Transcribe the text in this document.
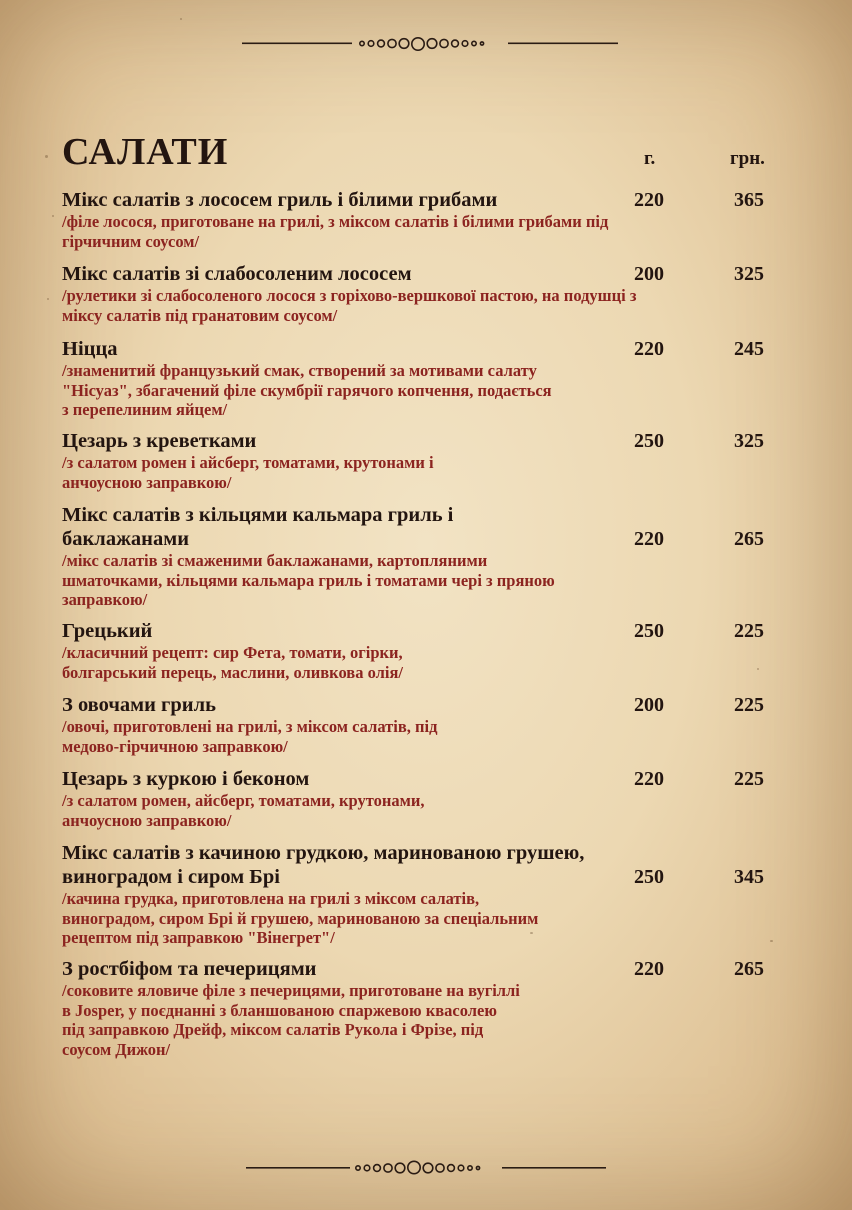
САЛАТИ	г.	грн.
Мікс салатів з лососем гриль і білими грибами
/філе лосося, приготоване на грилі, з міксом салатів і білими грибами під гірчичним соусом/
220	365
Мікс салатів зі слабосоленим лососем
/рулетики зі слабосоленого лосося з горіхово-вершкової пастою, на подушці з міксу салатів під гранатовим соусом/
200	325
Ніцца
/знаменитий французький смак, створений за мотивами салату "Нісуаз", збагачений філе скумбрії гарячого копчення, подається з перепелиним яйцем/
220	245
Цезарь з креветками
/з салатом ромен і айсберг, томатами, крутонами і анчоусною заправкою/
250	325
Мікс салатів з кільцями кальмара гриль і баклажанами
/мікс салатів зі смаженими баклажанами, картопляними шматочками, кільцями кальмара гриль і томатами чері з пряною заправкою/
220	265
Грецький
/класичний рецепт: сир Фета, томати, огірки, болгарський перець, маслини, оливкова олія/
250	225
З овочами гриль
/овочі, приготовлені на грилі, з міксом салатів, під медово-гірчичною заправкою/
200	225
Цезарь з куркою і беконом
/з салатом ромен, айсберг, томатами, крутонами, анчоусною заправкою/
220	225
Мікс салатів з качиною грудкою, маринованою грушею, виноградом і сиром Брі
/качина грудка, приготовлена на грилі з міксом салатів, виноградом, сиром Брі й грушею, маринованою за спеціальним рецептом під заправкою "Вінегрет"/
250	345
З ростбіфом та печерицями
/соковите яловиче філе з печерицями, приготоване на вугіллі в Josper, у поєднанні з бланшованою спаржевою квасолею під заправкою Дрейф, міксом салатів Рукола і Фрізе, під соусом Дижон/
220	265
